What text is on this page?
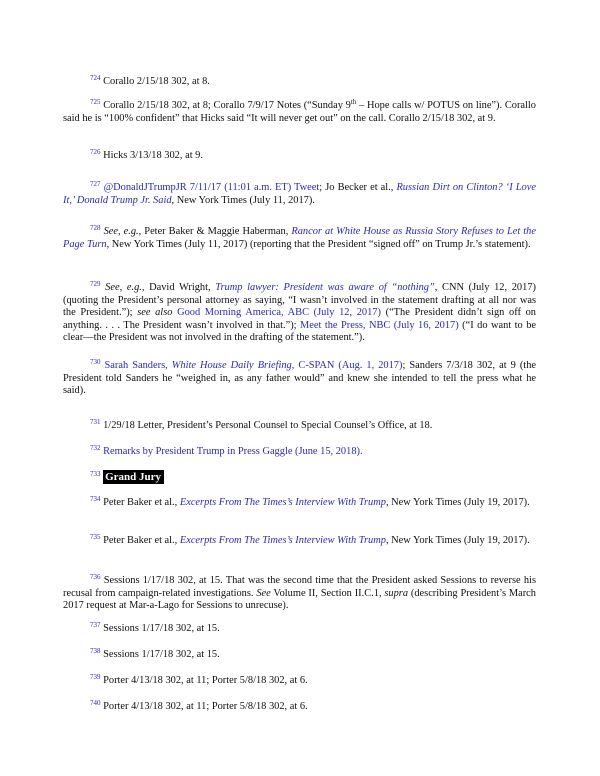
$^{724}$ Corallo 2/15/18 302, at 8.

$^{725}$ Corallo 2/15/18 302, at 8; Corallo 7/9/17 Notes (“Sunday 9th – Hope calls w/ POTUS on line”). Corallo said he is “100% confident” that Hicks said “It will never get out” on the call. Corallo 2/15/18 302, at 9.

$^{726}$ Hicks 3/13/18 302, at 9.

$^{727}$ @DonaldJTrumpJR 7/11/17 (11:01 a.m. ET) Tweet; Jo Becker et al., Russian Dirt on Clinton? ‘I Love It,’ Donald Trump Jr. Said, New York Times (July 11, 2017).

$^{728}$ See, e.g., Peter Baker & Maggie Haberman, Rancor at White House as Russia Story Refuses to Let the Page Turn, New York Times (July 11, 2017) (reporting that the President “signed off” on Trump Jr.’s statement).

$^{729}$ See, e.g., David Wright, Trump lawyer: President was aware of “nothing”, CNN (July 12, 2017) (quoting the President’s personal attorney as saying, “I wasn’t involved in the statement drafting at all nor was the President.”); see also Good Morning America, ABC (July 12, 2017) (“The President didn’t sign off on anything. . . . The President wasn’t involved in that.”); Meet the Press, NBC (July 16, 2017) (“I do want to be clear—the President was not involved in the drafting of the statement.”).

$^{730}$ Sarah Sanders, White House Daily Briefing, C-SPAN (Aug. 1, 2017); Sanders 7/3/18 302, at 9 (the President told Sanders he “weighed in, as any father would” and knew she intended to tell the press what he said).

$^{731}$ 1/29/18 Letter, President’s Personal Counsel to Special Counsel’s Office, at 18.

$^{732}$ Remarks by President Trump in Press Gaggle (June 15, 2018).

$^{733}$ Grand Jury

$^{734}$ Peter Baker et al., Excerpts From The Times’s Interview With Trump, New York Times (July 19, 2017).

$^{735}$ Peter Baker et al., Excerpts From The Times’s Interview With Trump, New York Times (July 19, 2017).

$^{736}$ Sessions 1/17/18 302, at 15. That was the second time that the President asked Sessions to reverse his recusal from campaign-related investigations. See Volume II, Section II.C.1, supra (describing President’s March 2017 request at Mar-a-Lago for Sessions to unrecuse).

$^{737}$ Sessions 1/17/18 302, at 15.

$^{738}$ Sessions 1/17/18 302, at 15.

$^{739}$ Porter 4/13/18 302, at 11; Porter 5/8/18 302, at 6.

$^{740}$ Porter 4/13/18 302, at 11; Porter 5/8/18 302, at 6.
